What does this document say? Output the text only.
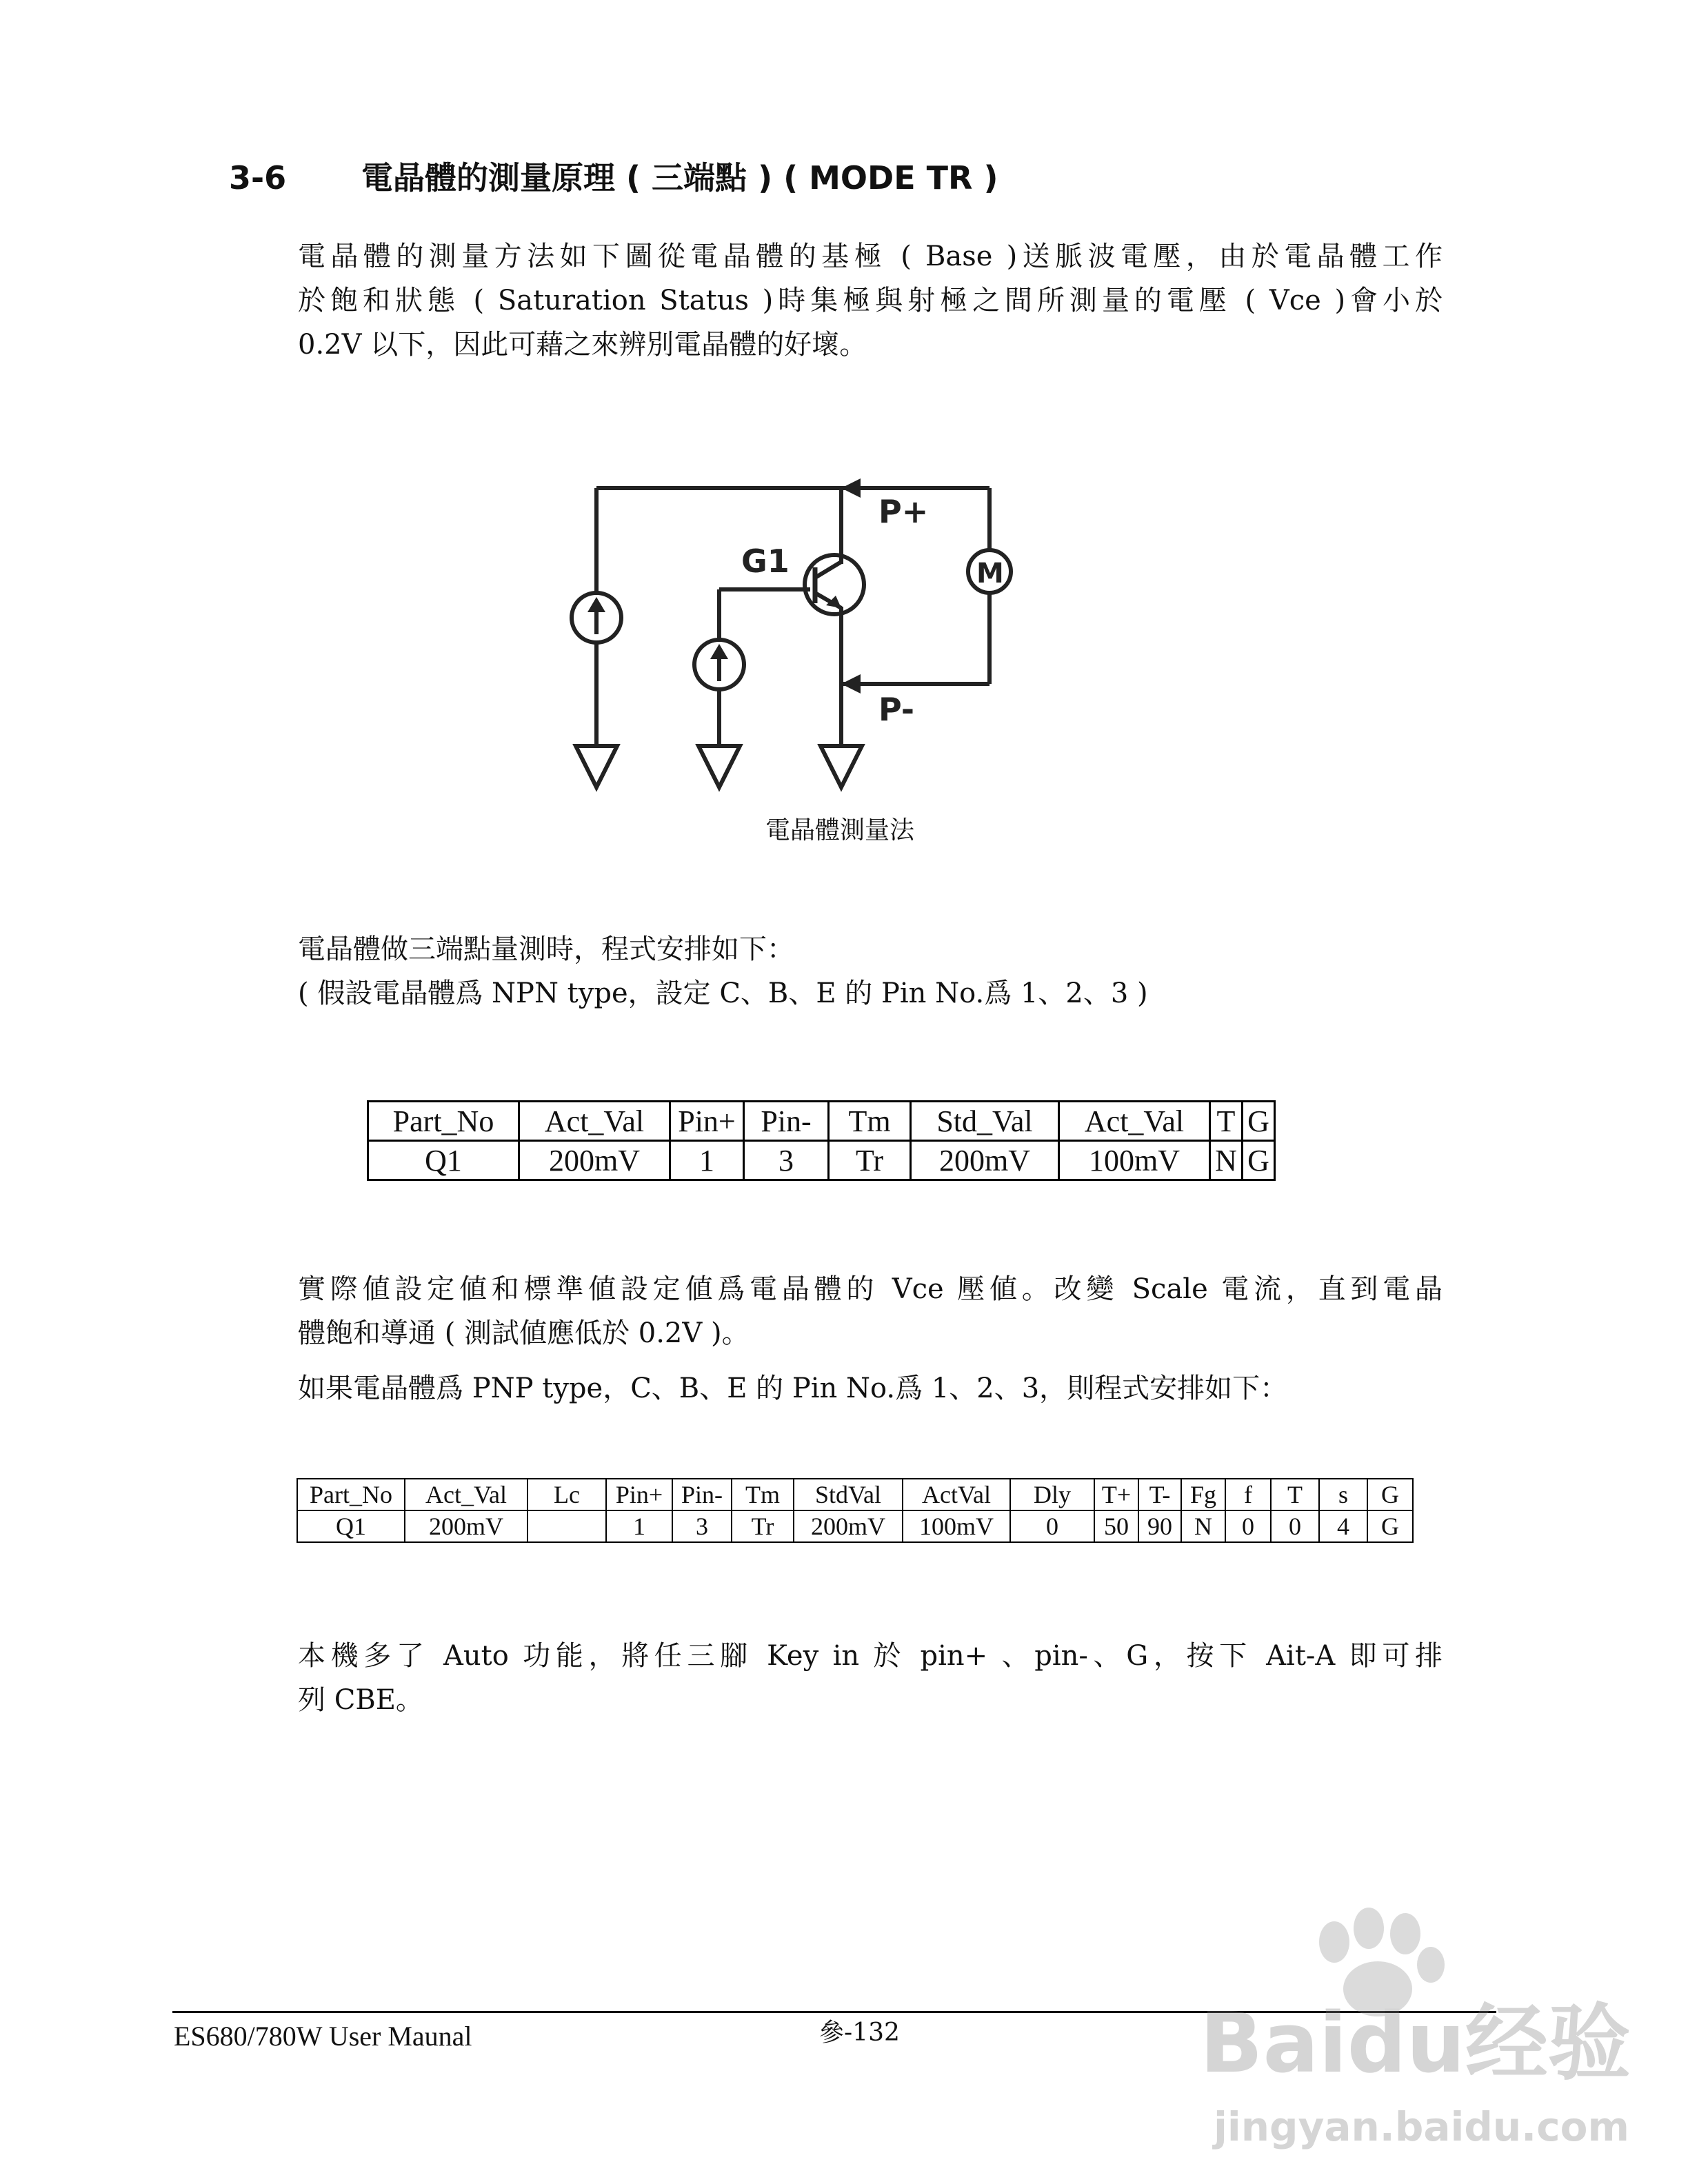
3-6 電晶體的測量原理 ( 三端點 ) ( MODE TR )

電晶體的測量方法如下圖從電晶體的基極 ( Base )送脈波電壓，由於電晶體工作

於飽和狀態 ( Saturation Status )時集極與射極之間所測量的電壓 ( Vce )會小於

0.2V 以下，因此可藉之來辨別電晶體的好壞。

P+
P-
G1	M
電晶體測量法

電晶體做三端點量測時，程式安排如下：

( 假設電晶體爲 NPN type，設定 C、B、E 的 Pin No.爲 1、2、3 )

Part_No	Act_Val	Pin+	Pin-	Tm	Std_Val	Act_Val	T	G
Q1	200mV	1	3	Tr	200mV	100mV	N	G

實際値設定値和標準値設定値爲電晶體的 Vce 壓値。改變 Scale 電流，直到電晶

體飽和導通 ( 測試値應低於 0.2V )。

如果電晶體爲 PNP type，C、B、E 的 Pin No.爲 1、2、3，則程式安排如下：

Part_No	Act_Val	Lc	Pin+	Pin-	Tm	StdVal	ActVal	Dly	T+	T-	Fg	f	T	s	G
Q1	200mV		1	3	Tr	200mV	100mV	0	50	90	N	0	0	4	G

本機多了 Auto 功能，將任三腳 Key in 於 pin+ 、pin-、G，按下 Ait-A 即可排

列 CBE。

ES680/780W User Maunal	參-132	Baidu经验
jingyan.baidu.com
